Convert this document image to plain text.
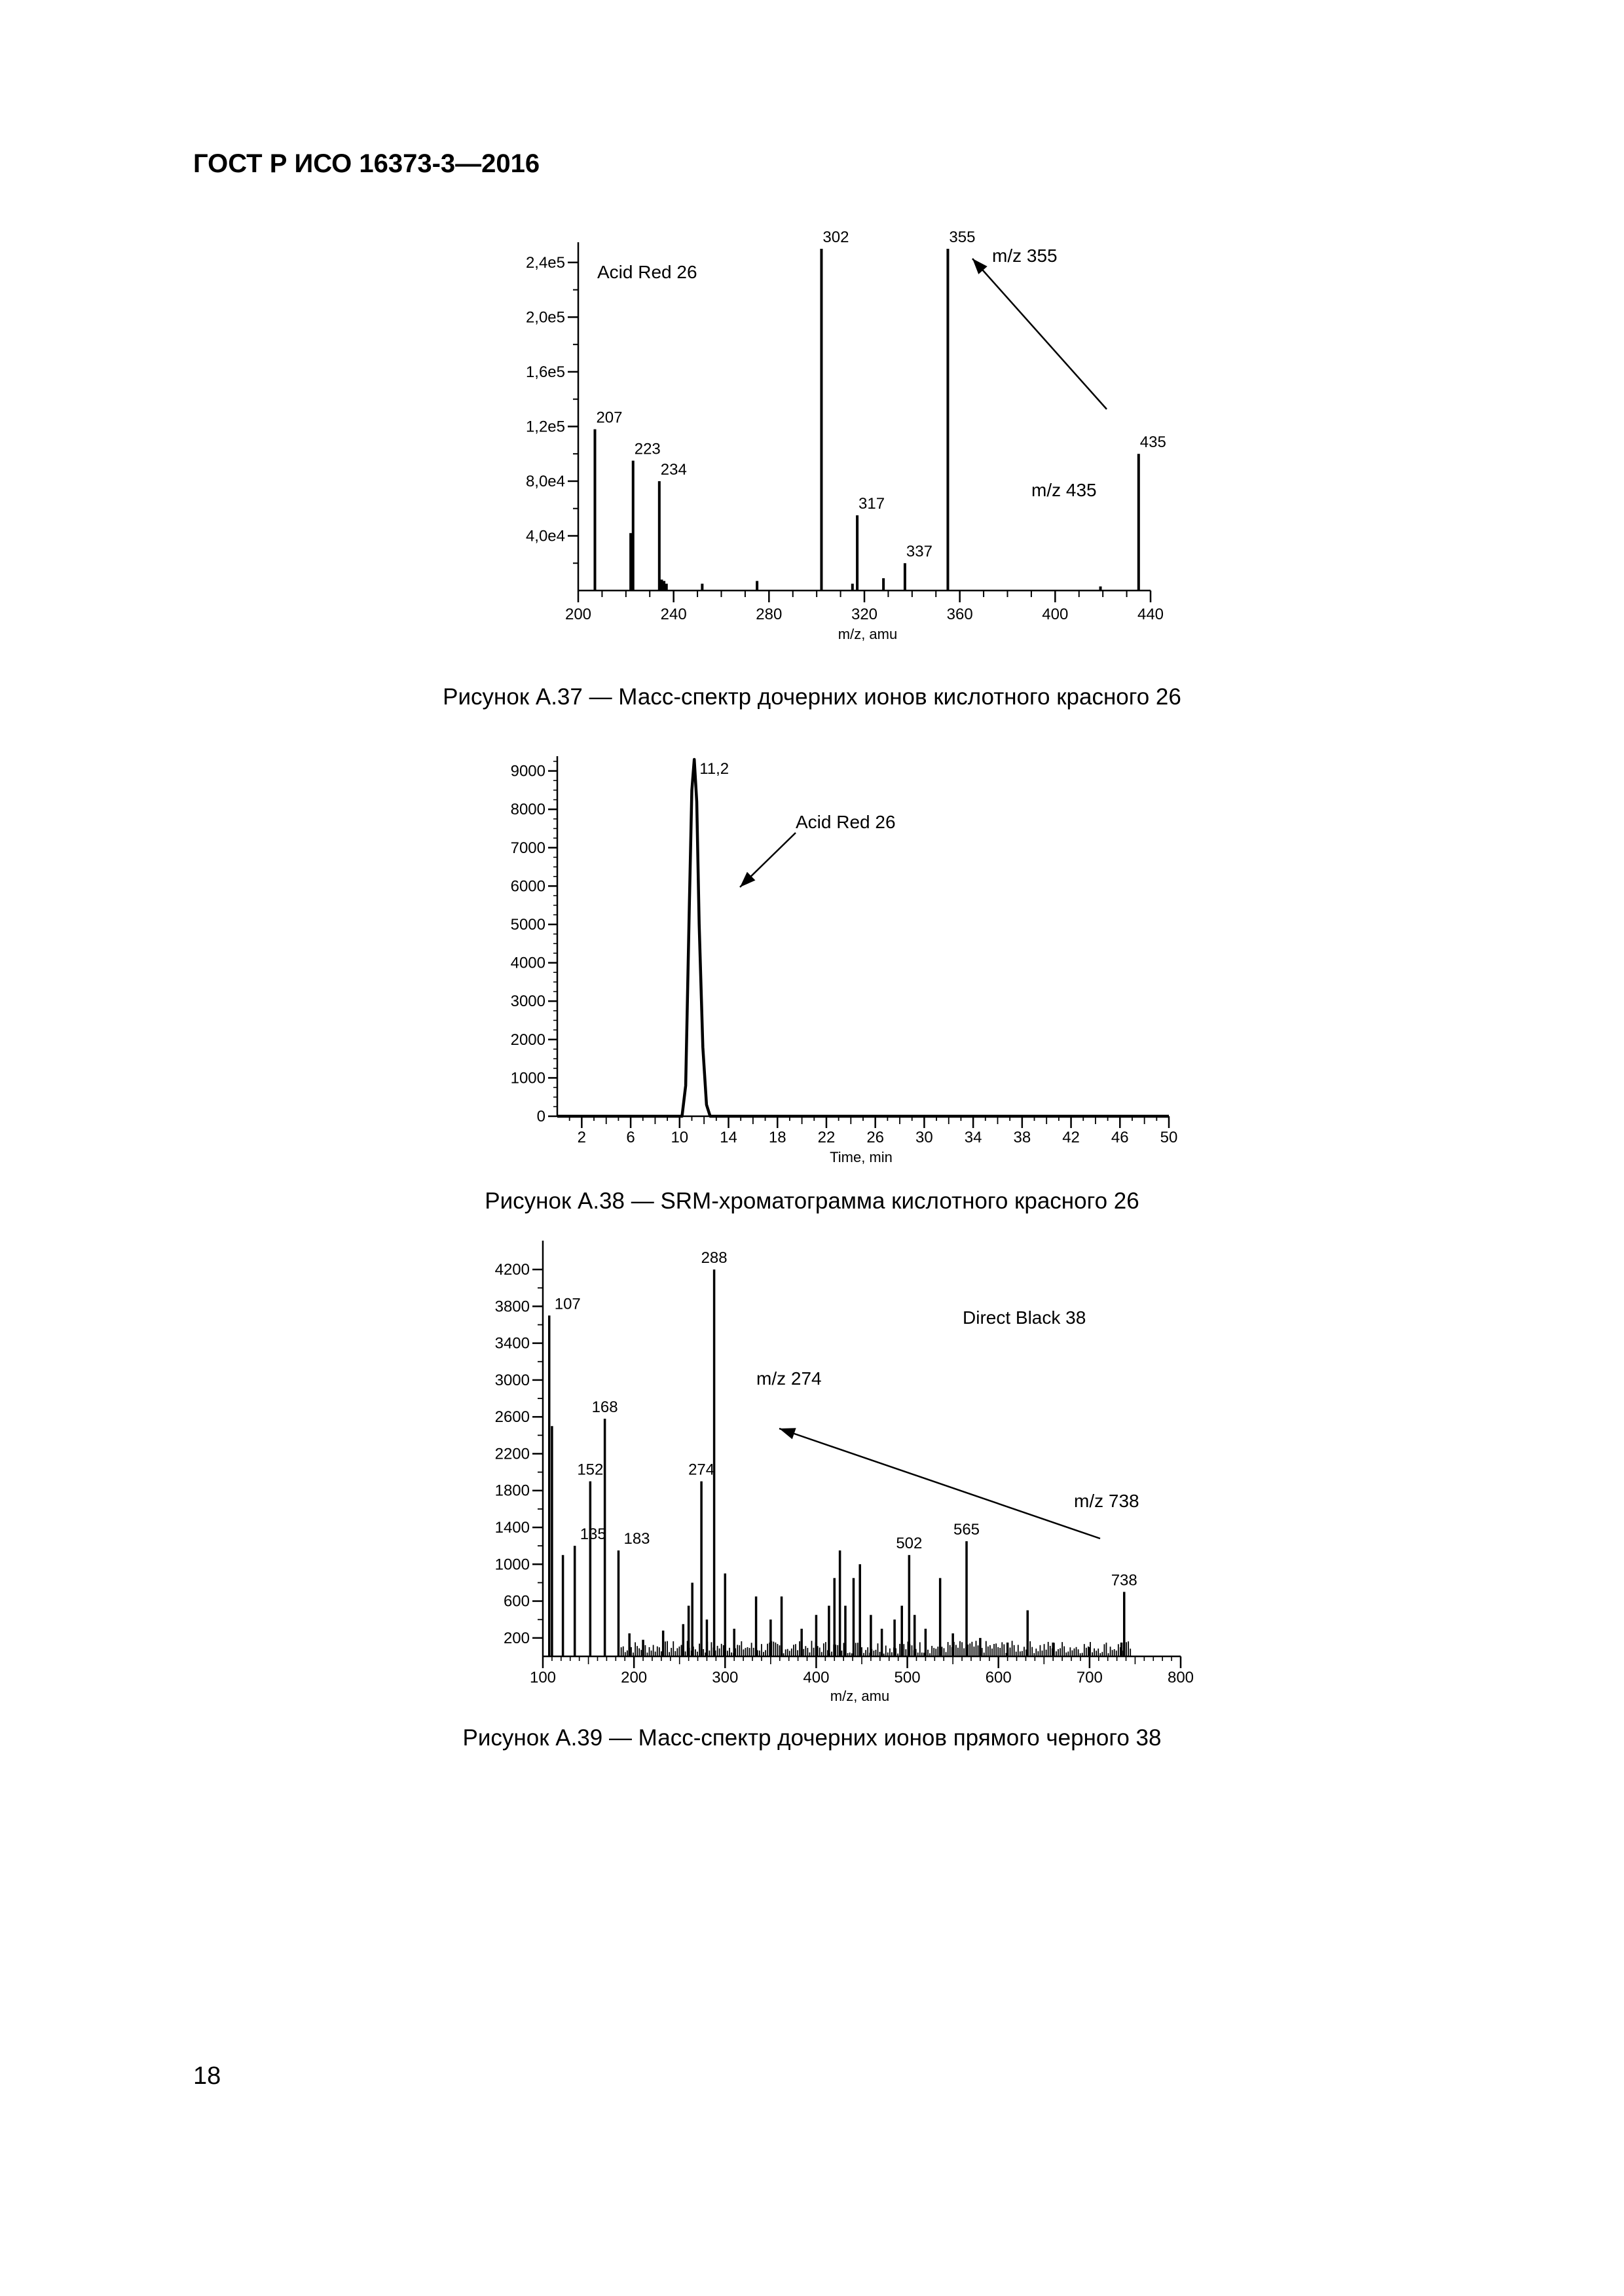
ГОСТ Р ИСО 16373-3—2016
200	240	280	320	360	400	440
4,0e4
8,0e4
1,2e5
1,6e5
2,0e5
2,4e5
m/z, amu
207
223
234
302
317
337
355
435
Acid Red 26
m/z 355
m/z 435
Рисунок А.37 — Масс-спектр дочерних ионов кислотного красного 26
2	6 10 14 18 22 26 30 34 38 42 46 50
0
1000
2000
3000
4000
5000
6000
7000
8000
9000
Time, min
11,2
Acid Red 26
Рисунок А.38 — SRM-хроматограмма кислотного красного 26
100	200	300	400	500	600	700	800
200
600
1000
1400
1800
2200
2600
3000
3400
3800
4200
m/z, amu
107
135
152
168
183
274
288
502
565
738
Direct Black 38
m/z 274
m/z 738
Рисунок А.39 — Масс-спектр дочерних ионов прямого черного 38
18
